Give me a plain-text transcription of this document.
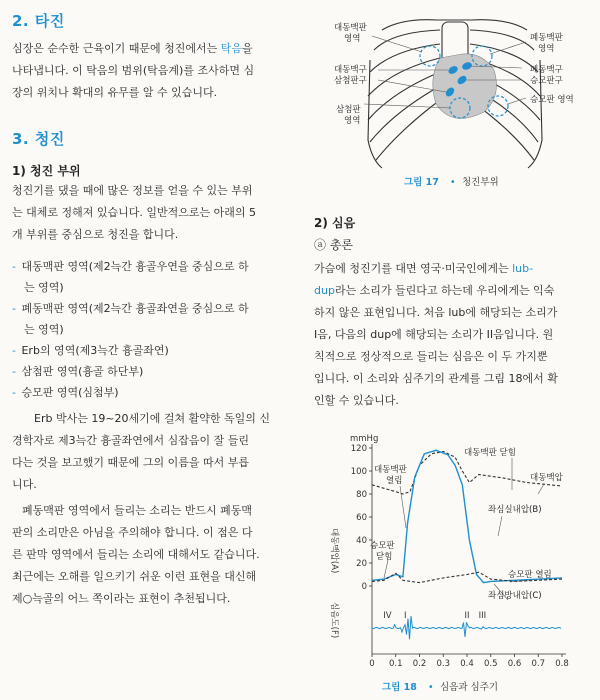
2. 타진
심장은 순수한 근육이기 때문에 청진에서는 탁음을
나타냅니다. 이 탁음의 범위(탁음계)를 조사하면 심
장의 위치나 확대의 유무를 알 수 있습니다.
3. 청진
1) 청진 부위
청진기를 댔을 때에 많은 정보를 얻을 수 있는 부위
는 대체로 정해져 있습니다. 일반적으로는 아래의 5
개 부위를 중심으로 청진을 합니다.
- 대동맥판 영역(제2늑간 흉골우연을 중심으로 하
는 영역)
- 폐동맥판 영역(제2늑간 흉골좌연을 중심으로 하
는 영역)
- Erb의 영역(제3늑간 흉골좌연)
- 삼첨판 영역(흉골 하단부)
- 승모판 영역(심첨부)
Erb 박사는 19~20세기에 걸쳐 활약한 독일의 신
경학자로 제3늑간 흉골좌연에서 심잡음이 잘 들린
다는 것을 보고했기 때문에 그의 이름을 따서 부릅
니다.
폐동맥판 영역에서 들리는 소리는 반드시 폐동맥
판의 소리만은 아님을 주의해야 합니다. 이 점은 다
른 판막 영역에서 들리는 소리에 대해서도 같습니다.
최근에는 오해를 일으키기 쉬운 이런 표현을 대신해
제○늑골의 어느 쪽이라는 표현이 추천됩니다.
대동맥판
영역
대동맥구
삼첨판구
삼첨판
영역
폐동맥판
영역
폐동맥구
승모판구
승모판 영역
그림 17 • 청진부위
2) 심음
ⓐ 총론
가슴에 청진기를 대면 영국·미국인에게는 lub-
dup라는 소리가 들린다고 하는데 우리에게는 익숙
하지 않은 표현입니다. 처음 lub에 해당되는 소리가
I음, 다음의 dup에 해당되는 소리가 II음입니다. 원
칙적으로 정상적으로 들리는 심음은 이 두 가지뿐
입니다. 이 소리와 심주기의 관계를 그림 18에서 확
인할 수 있습니다.
0
20
40
60
80
100
120
0 0.1 0.2 0.3 0.4 0.5 0.6 0.7 0.8
IV I	II III
mmHg
대동맥압(A)
심음도(F)
대동맥판
열림
대동맥판 닫힘
대동맥압
좌심실내압(B)
승모판
닫힘
승모판 열림
좌심방내압(C)
그림 18 • 심음과 심주기
